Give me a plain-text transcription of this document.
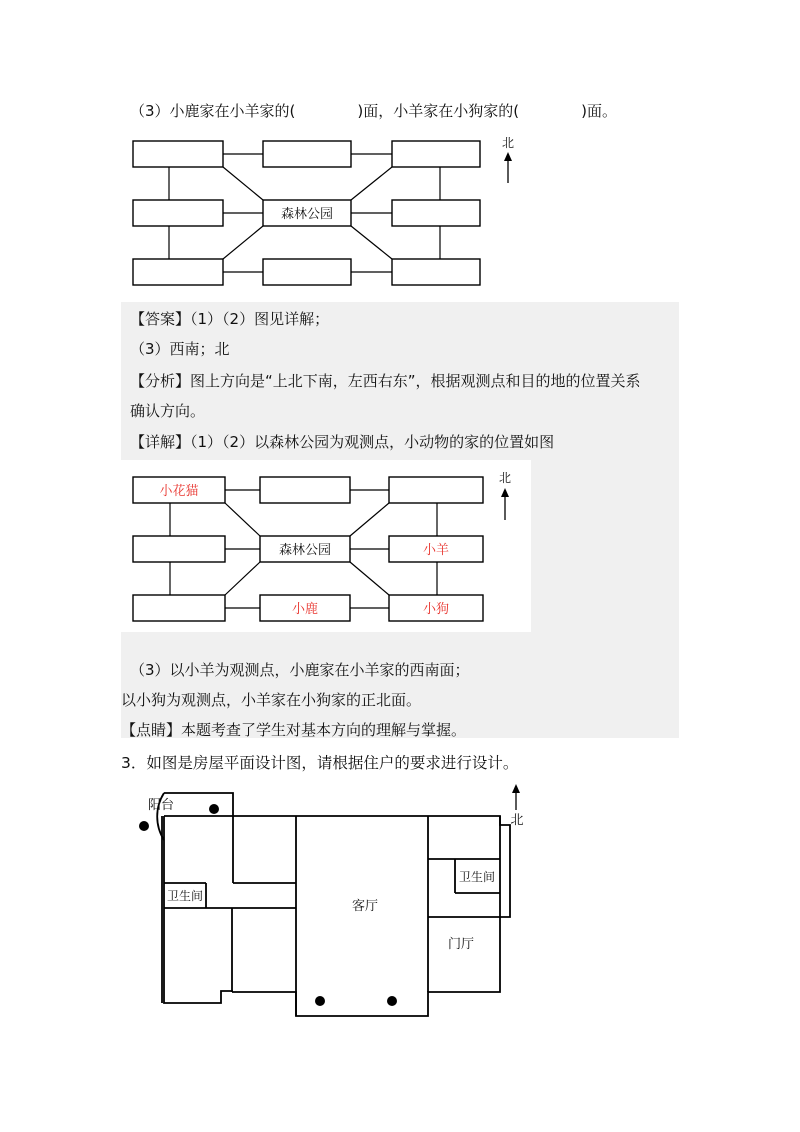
（3）小鹿家在小羊家的(	)面，小羊家在小狗家的(	)面。
森林公园
北
【答案】（1）（2）图见详解；
（3）西南；北
【分析】图上方向是“上北下南，左西右东”，根据观测点和目的地的位置关系
确认方向。
【详解】（1）（2）以森林公园为观测点，小动物的家的位置如图
小花猫
森林公园	小羊
小鹿	小狗
北
（3）以小羊为观测点，小鹿家在小羊家的西南面；
以小狗为观测点，小羊家在小狗家的正北面。
【点睛】本题考查了学生对基本方向的理解与掌握。
3．如图是房屋平面设计图，请根据住户的要求进行设计。
阳台
卫生间
客厅
卫生间
门厅
北
